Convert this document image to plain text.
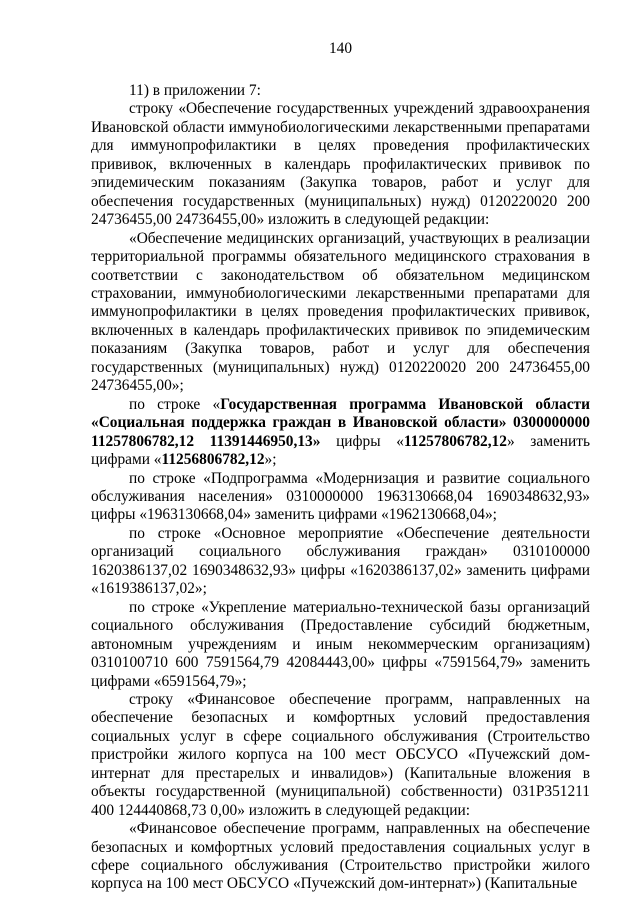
140

11) в приложении 7:

строку «Обеспечение государственных учреждений здравоохранения Ивановской области иммунобиологическими лекарственными препаратами для иммунопрофилактики в целях проведения профилактических прививок, включенных в календарь профилактических прививок по эпидемическим показаниям (Закупка товаров, работ и услуг для обеспечения государственных (муниципальных) нужд) 0120220020 200 24736455,00 24736455,00» изложить в следующей редакции:

«Обеспечение медицинских организаций, участвующих в реализации территориальной программы обязательного медицинского страхования в соответствии с законодательством об обязательном медицинском страховании, иммунобиологическими лекарственными препаратами для иммунопрофилактики в целях проведения профилактических прививок, включенных в календарь профилактических прививок по эпидемическим показаниям (Закупка товаров, работ и услуг для обеспечения государственных (муниципальных) нужд) 0120220020 200 24736455,00 24736455,00»;

по строке «Государственная программа Ивановской области «Социальная поддержка граждан в Ивановской области» 0300000000 11257806782,12 11391446950,13» цифры «11257806782,12» заменить цифрами «11256806782,12»;

по строке «Подпрограмма «Модернизация и развитие социального обслуживания населения» 0310000000 1963130668,04 1690348632,93» цифры «1963130668,04» заменить цифрами «1962130668,04»;

по строке «Основное мероприятие «Обеспечение деятельности организаций социального обслуживания граждан» 0310100000 1620386137,02 1690348632,93» цифры «1620386137,02» заменить цифрами «1619386137,02»;

по строке «Укрепление материально-технической базы организаций социального обслуживания (Предоставление субсидий бюджетным, автономным учреждениям и иным некоммерческим организациям) 0310100710 600 7591564,79 42084443,00» цифры «7591564,79» заменить цифрами «6591564,79»;

строку «Финансовое обеспечение программ, направленных на обеспечение безопасных и комфортных условий предоставления социальных услуг в сфере социального обслуживания (Строительство пристройки жилого корпуса на 100 мест ОБСУСО «Пучежский дом-интернат для престарелых и инвалидов») (Капитальные вложения в объекты государственной (муниципальной) собственности) 031P351211 400 124440868,73 0,00» изложить в следующей редакции:

«Финансовое обеспечение программ, направленных на обеспечение безопасных и комфортных условий предоставления социальных услуг в сфере социального обслуживания (Строительство пристройки жилого корпуса на 100 мест ОБСУСО «Пучежский дом-интернат») (Капитальные
